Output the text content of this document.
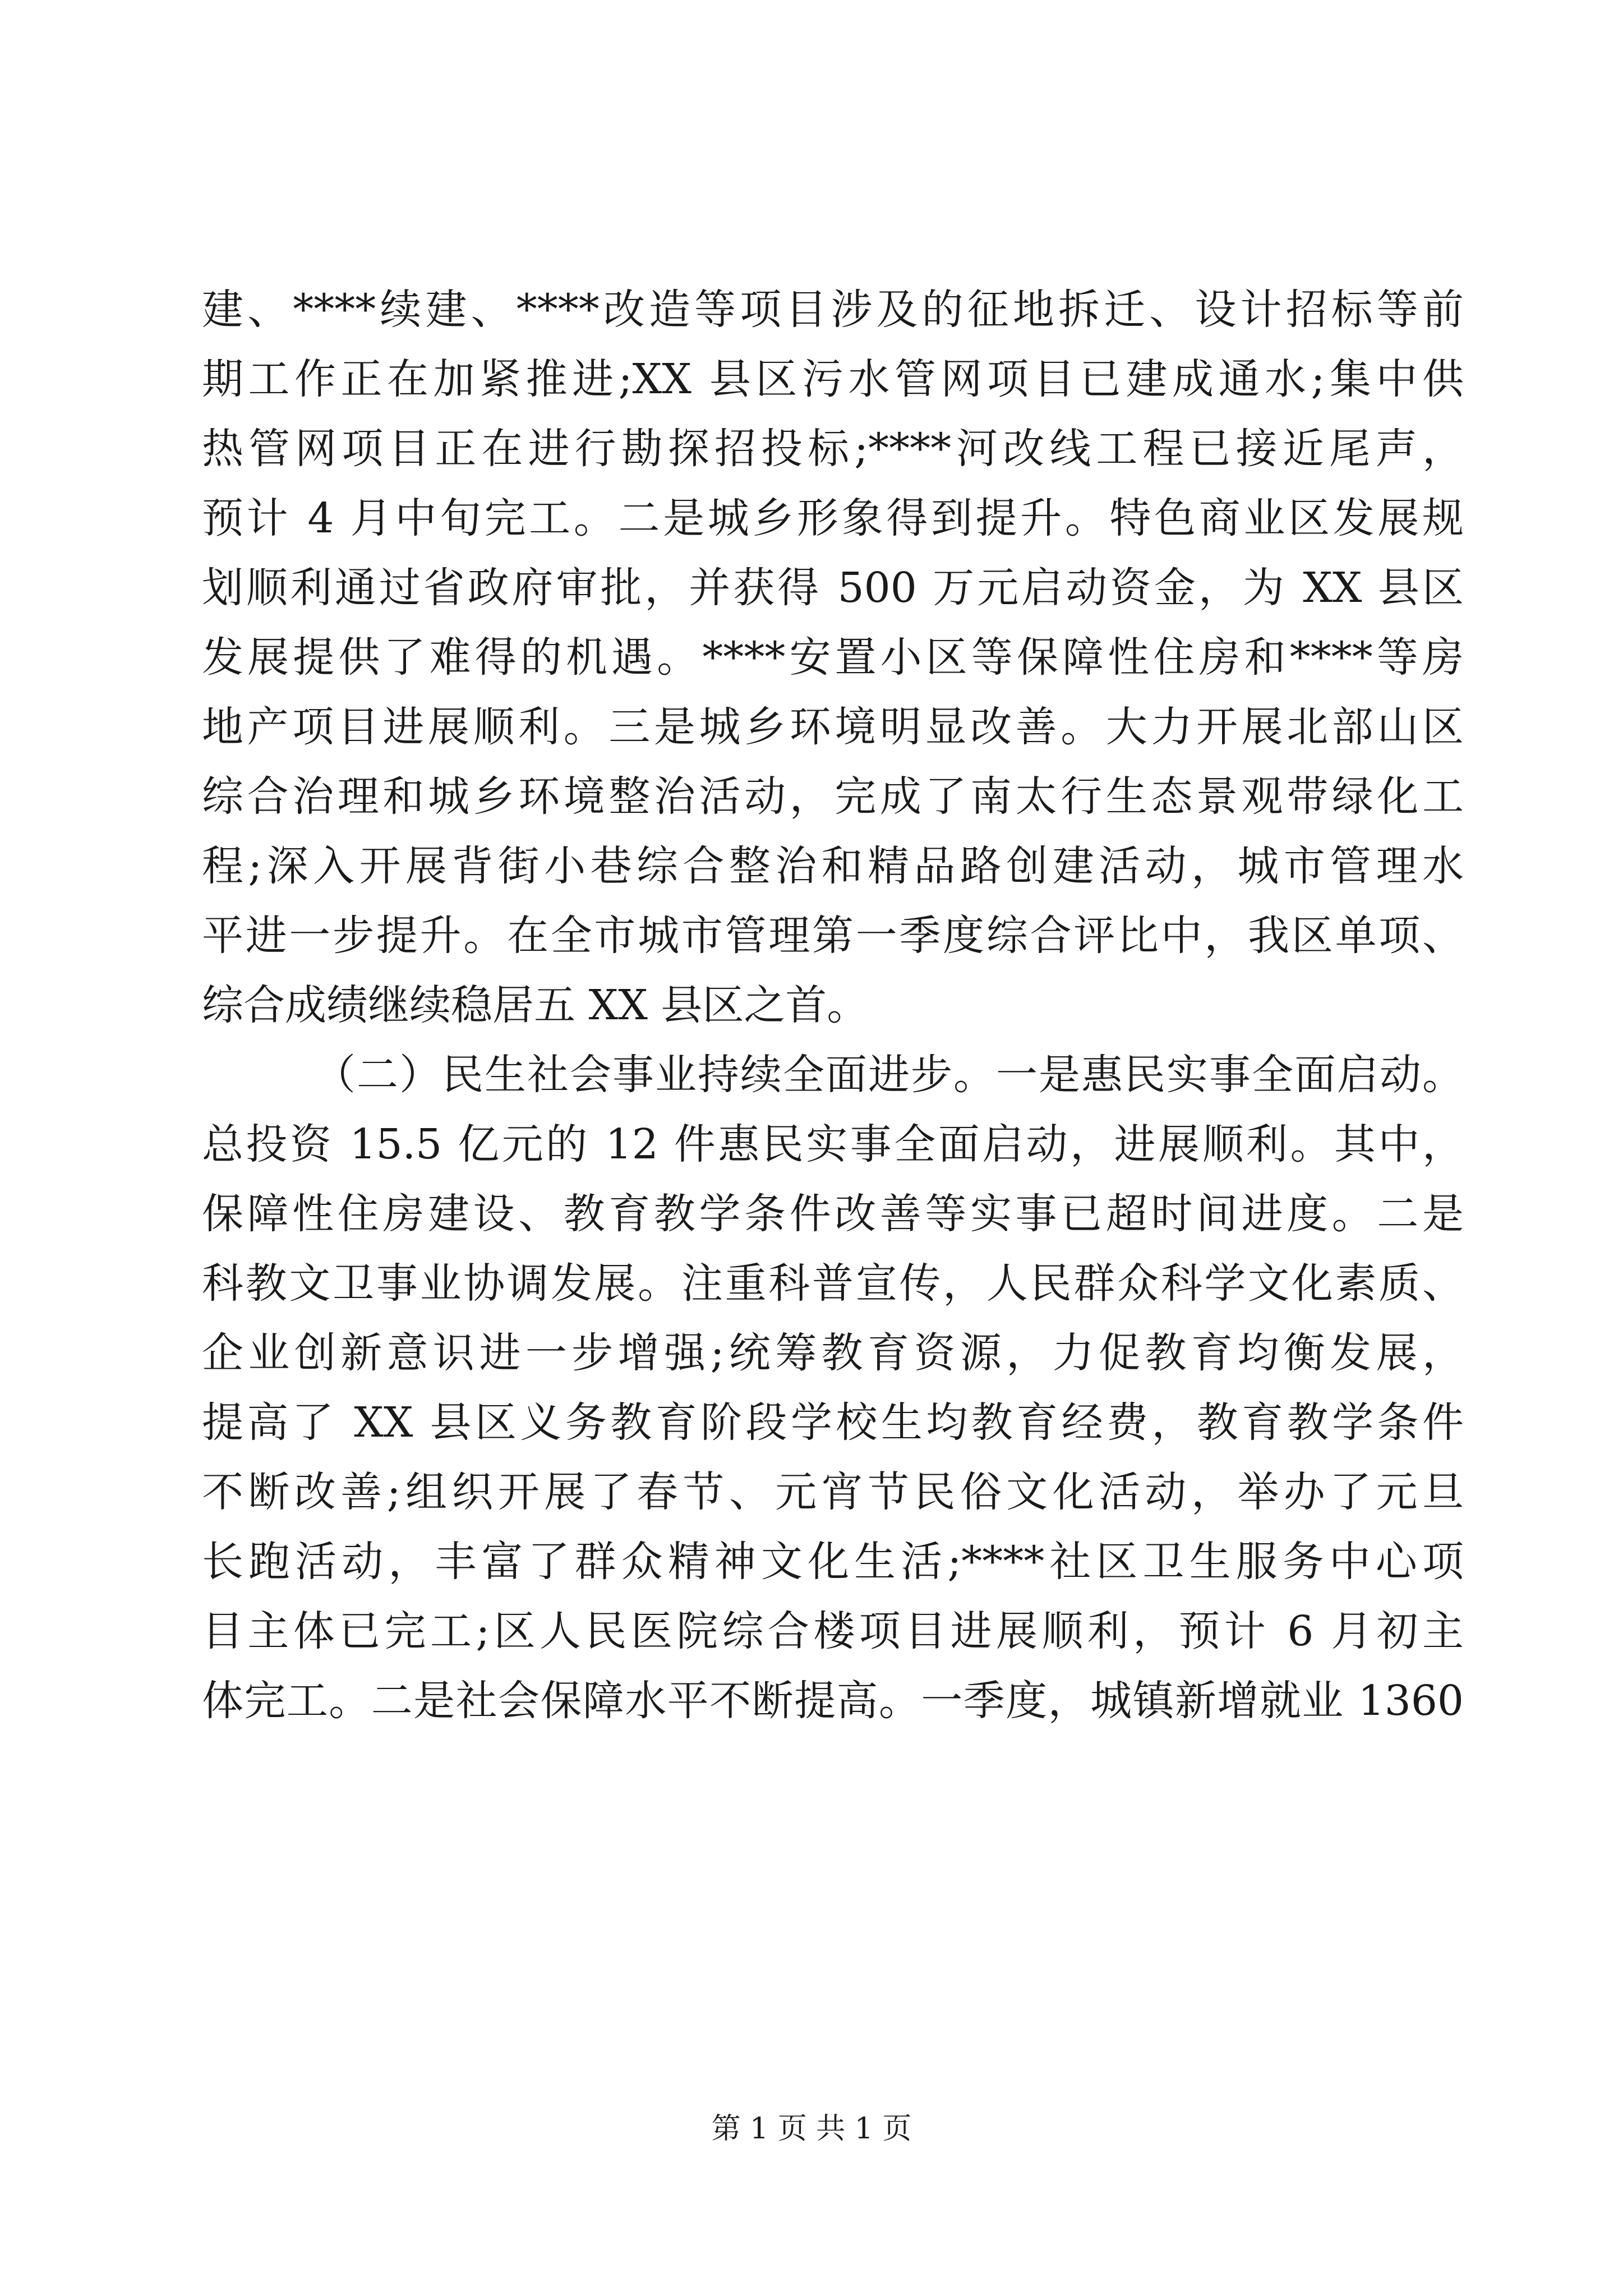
建、****续建、****改造等项目涉及的征地拆迁、设计招标等前
期工作正在加紧推进;XX 县区污水管网项目已建成通水;集中供
热管网项目正在进行勘探招投标;****河改线工程已接近尾声，
预计 4 月中旬完工。二是城乡形象得到提升。特色商业区发展规
划顺利通过省政府审批，并获得 500 万元启动资金，为 XX 县区
发展提供了难得的机遇。****安置小区等保障性住房和****等房
地产项目进展顺利。三是城乡环境明显改善。大力开展北部山区
综合治理和城乡环境整治活动，完成了南太行生态景观带绿化工
程;深入开展背街小巷综合整治和精品路创建活动，城市管理水
平进一步提升。在全市城市管理第一季度综合评比中，我区单项、
综合成绩继续稳居五 XX 县区之首。
（二）民生社会事业持续全面进步。一是惠民实事全面启动。
总投资 15.5 亿元的 12 件惠民实事全面启动，进展顺利。其中，
保障性住房建设、教育教学条件改善等实事已超时间进度。二是
科教文卫事业协调发展。注重科普宣传，人民群众科学文化素质、
企业创新意识进一步增强;统筹教育资源，力促教育均衡发展，
提高了 XX 县区义务教育阶段学校生均教育经费，教育教学条件
不断改善;组织开展了春节、元宵节民俗文化活动，举办了元旦
长跑活动，丰富了群众精神文化生活;****社区卫生服务中心项
目主体已完工;区人民医院综合楼项目进展顺利，预计 6 月初主
体完工。二是社会保障水平不断提高。一季度，城镇新增就业 1360
第 1 页 共 1 页
